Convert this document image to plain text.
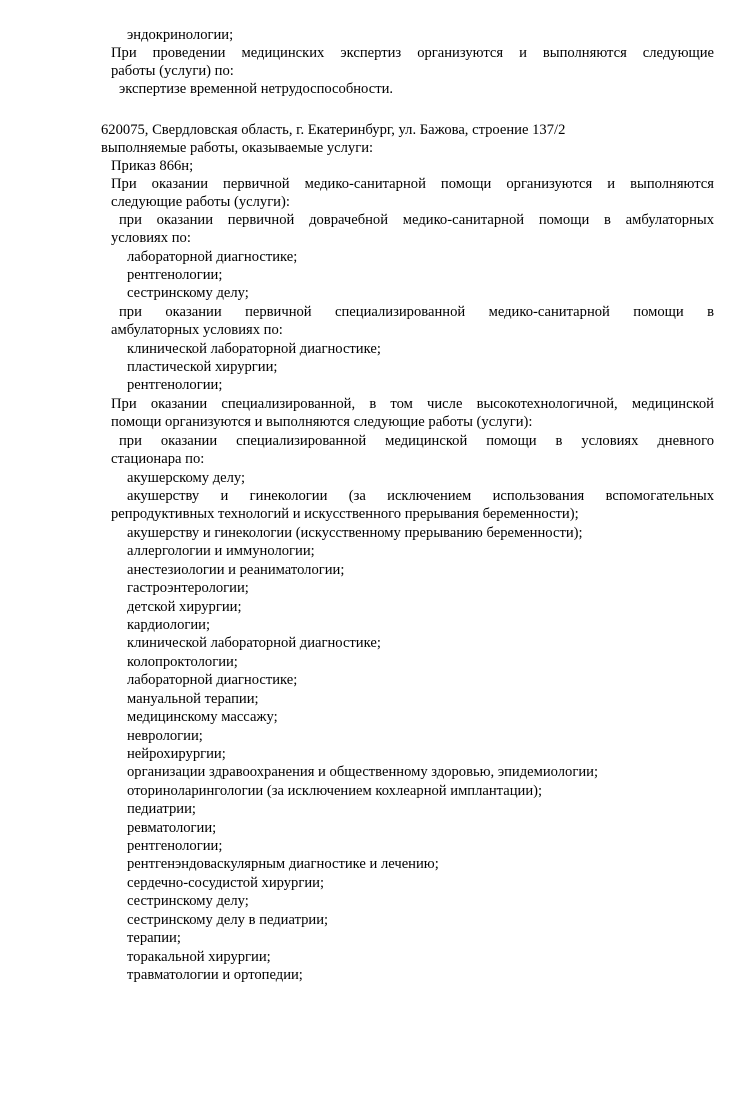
эндокринологии;
При проведении медицинских экспертиз организуются и выполняются следующие
работы (услуги) по:
экспертизе временной нетрудоспособности.
620075, Свердловская область, г. Екатеринбург, ул. Бажова, строение 137/2
выполняемые работы, оказываемые услуги:
Приказ 866н;
При оказании первичной медико-санитарной помощи организуются и выполняются
следующие работы (услуги):
при оказании первичной доврачебной медико-санитарной помощи в амбулаторных
условиях по:
лабораторной диагностике;
рентгенологии;
сестринскому делу;
при оказании первичной специализированной медико-санитарной помощи в
амбулаторных условиях по:
клинической лабораторной диагностике;
пластической хирургии;
рентгенологии;
При оказании специализированной, в том числе высокотехнологичной, медицинской
помощи организуются и выполняются следующие работы (услуги):
при оказании специализированной медицинской помощи в условиях дневного
стационара по:
акушерскому делу;
акушерству и гинекологии (за исключением использования вспомогательных
репродуктивных технологий и искусственного прерывания беременности);
акушерству и гинекологии (искусственному прерыванию беременности);
аллергологии и иммунологии;
анестезиологии и реаниматологии;
гастроэнтерологии;
детской хирургии;
кардиологии;
клинической лабораторной диагностике;
колопроктологии;
лабораторной диагностике;
мануальной терапии;
медицинскому массажу;
неврологии;
нейрохирургии;
организации здравоохранения и общественному здоровью, эпидемиологии;
оториноларингологии (за исключением кохлеарной имплантации);
педиатрии;
ревматологии;
рентгенологии;
рентгенэндоваскулярным диагностике и лечению;
сердечно-сосудистой хирургии;
сестринскому делу;
сестринскому делу в педиатрии;
терапии;
торакальной хирургии;
травматологии и ортопедии;
